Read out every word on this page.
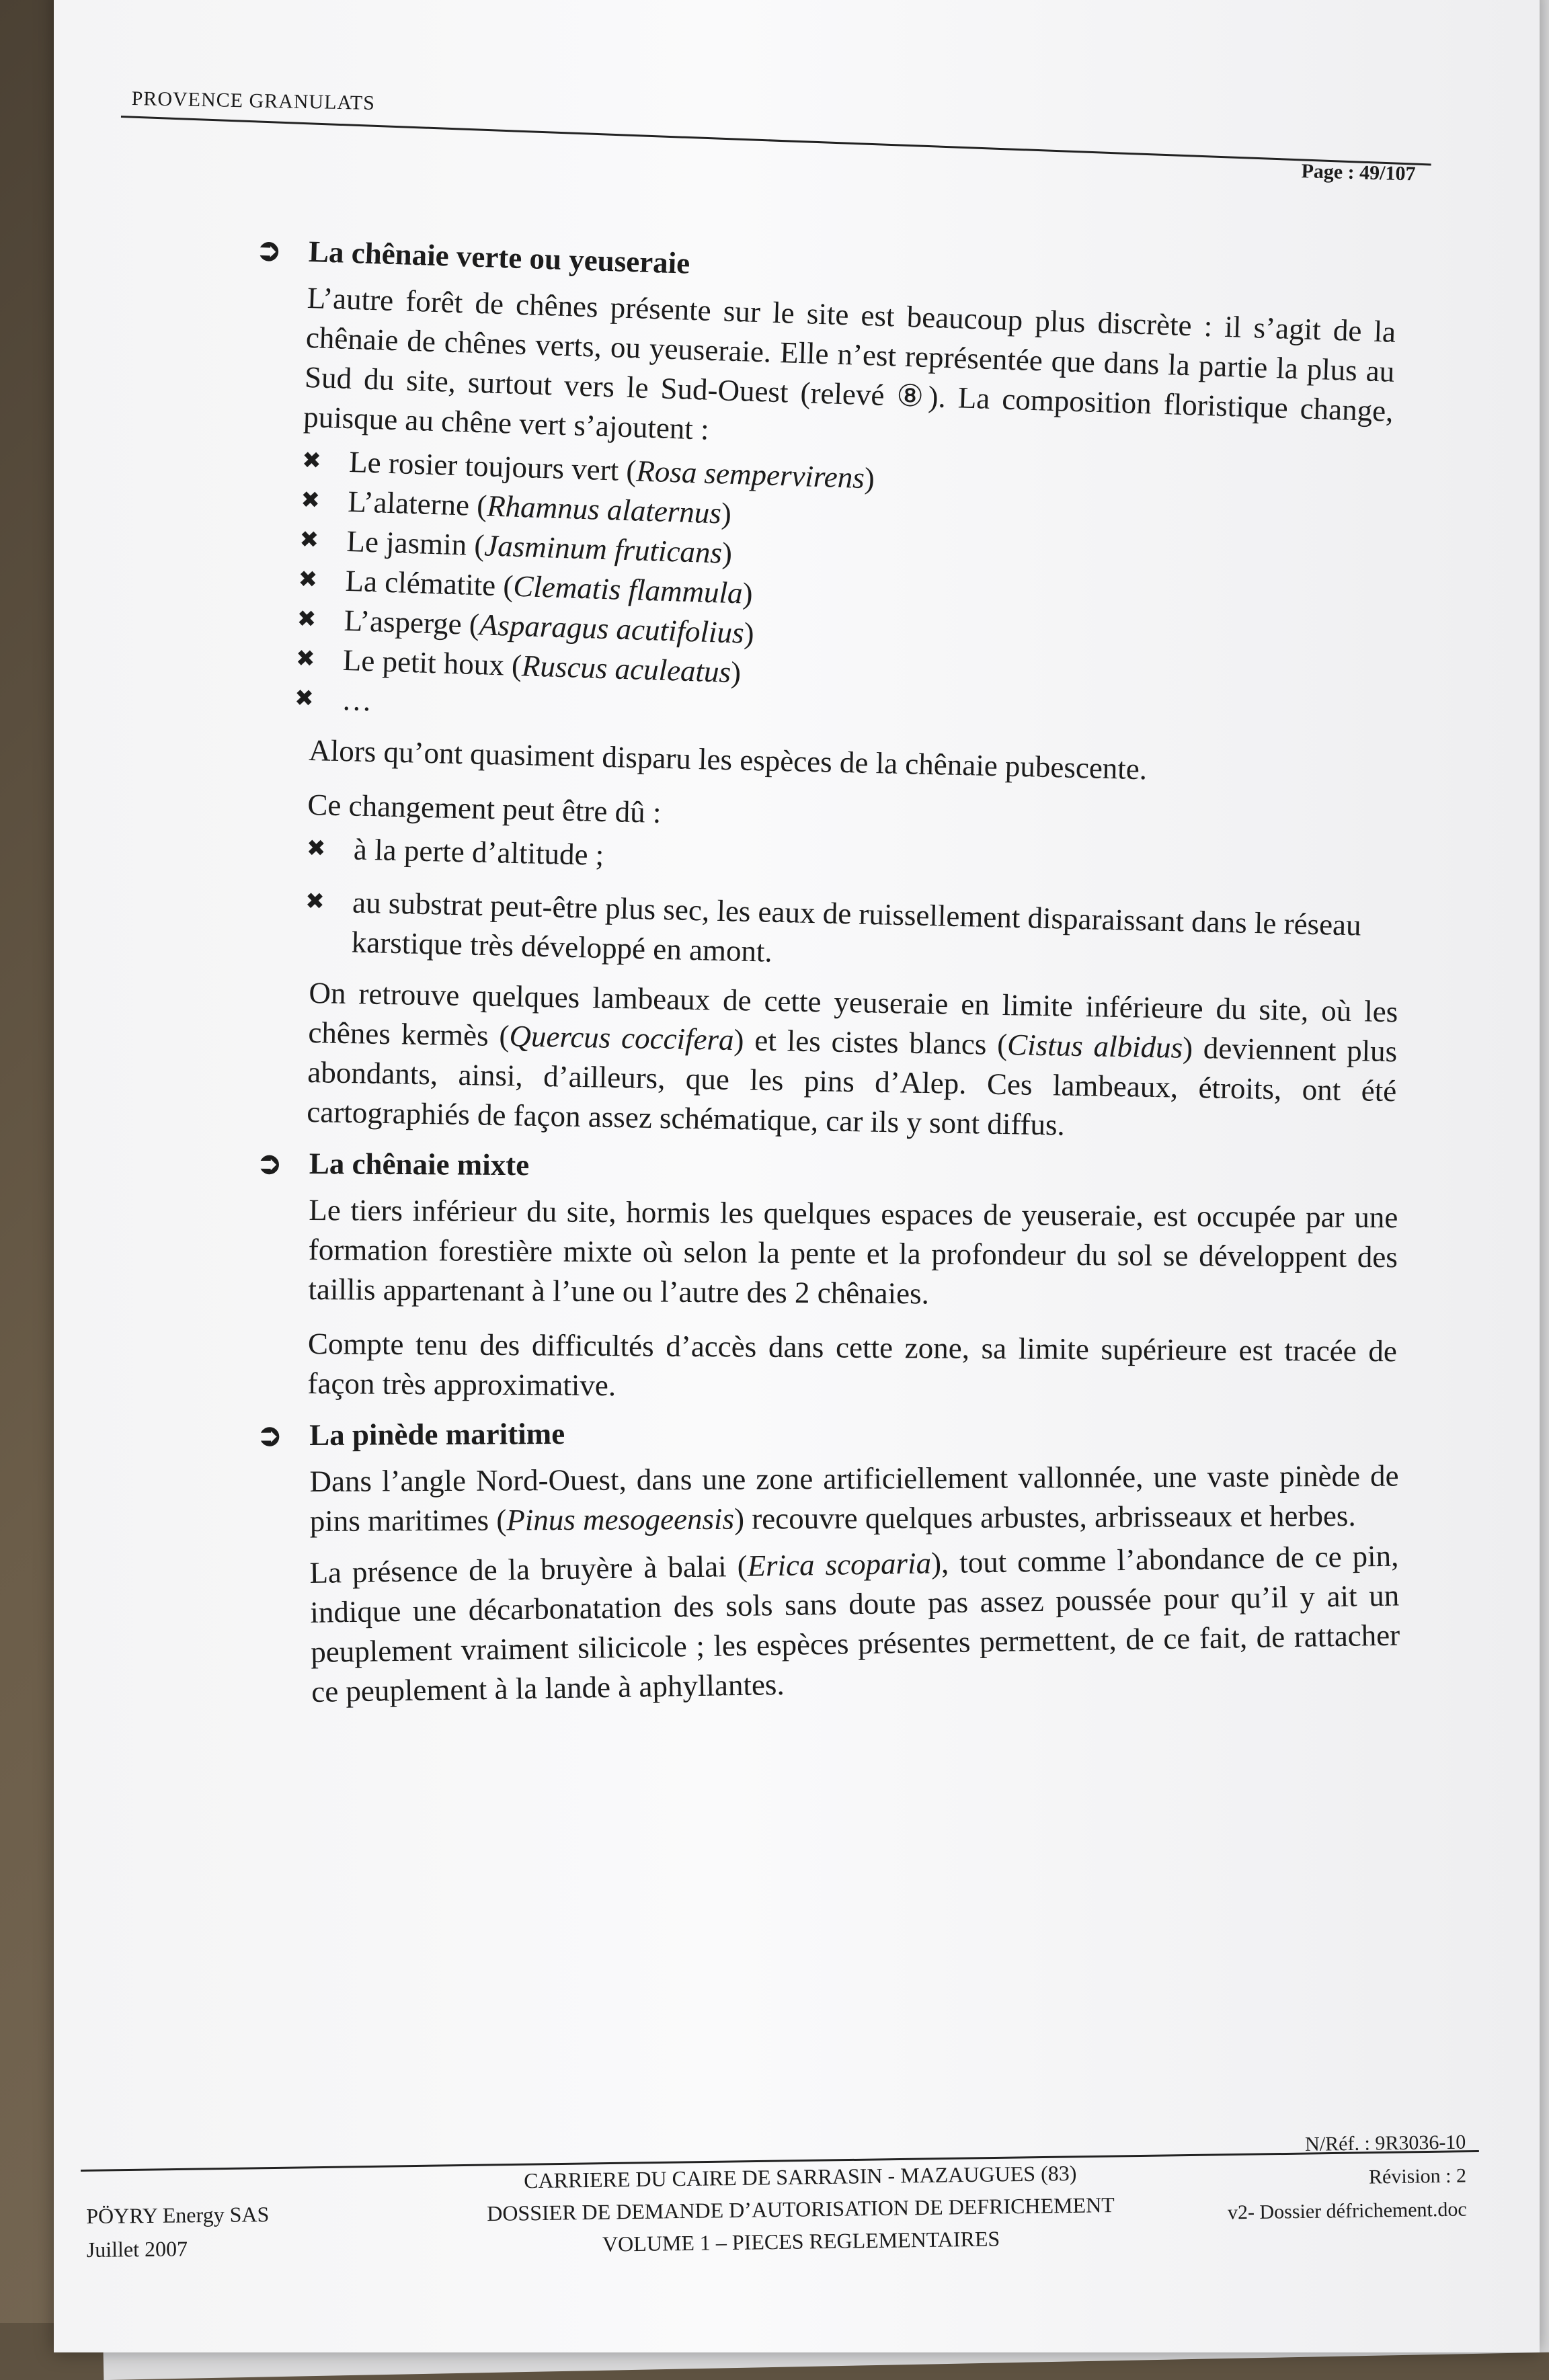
PROVENCE GRANULATS
Page : 49/107
➲ La chênaie verte ou yeuseraie

L’autre forêt de chênes présente sur le site est beaucoup plus discrète : il s’agit de la chênaie de chênes verts, ou yeuseraie. Elle n’est représentée que dans la partie la plus au Sud du site, surtout vers le Sud-Ouest (relevé ⑧). La composition floristique change, puisque au chêne vert s’ajoutent :

✖ Le rosier toujours vert (Rosa sempervirens)
✖ L’alaterne (Rhamnus alaternus)
✖ Le jasmin (Jasminum fruticans)
✖ La clématite (Clematis flammula)
✖ L’asperge (Asparagus acutifolius)
✖ Le petit houx (Ruscus aculeatus)
✖ …

Alors qu’ont quasiment disparu les espèces de la chênaie pubescente.

Ce changement peut être dû :

✖ à la perte d’altitude ;
✖ au substrat peut-être plus sec, les eaux de ruissellement disparaissant dans le réseau karstique très développé en amont.

On retrouve quelques lambeaux de cette yeuseraie en limite inférieure du site, où les chênes kermès (Quercus coccifera) et les cistes blancs (Cistus albidus) deviennent plus abondants, ainsi, d’ailleurs, que les pins d’Alep. Ces lambeaux, étroits, ont été cartographiés de façon assez schématique, car ils y sont diffus.

➲ La chênaie mixte

Le tiers inférieur du site, hormis les quelques espaces de yeuseraie, est occupée par une formation forestière mixte où selon la pente et la profondeur du sol se développent des taillis appartenant à l’une ou l’autre des 2 chênaies.

Compte tenu des difficultés d’accès dans cette zone, sa limite supérieure est tracée de façon très approximative.

➲ La pinède maritime

Dans l’angle Nord-Ouest, dans une zone artificiellement vallonnée, une vaste pinède de pins maritimes (Pinus mesogeensis) recouvre quelques arbustes, arbrisseaux et herbes.

La présence de la bruyère à balai (Erica scoparia), tout comme l’abondance de ce pin, indique une décarbonatation des sols sans doute pas assez poussée pour qu’il y ait un peuplement vraiment silicicole ; les espèces présentes permettent, de ce fait, de rattacher ce peuplement à la lande à aphyllantes.

PÖYRY Energy SAS
Juillet 2007
CARRIERE DU CAIRE DE SARRASIN - MAZAUGUES (83)
DOSSIER DE DEMANDE D’AUTORISATION DE DEFRICHEMENT
VOLUME 1 – PIECES REGLEMENTAIRES
N/Réf. : 9R3036-10
Révision : 2
v2- Dossier défrichement.doc
